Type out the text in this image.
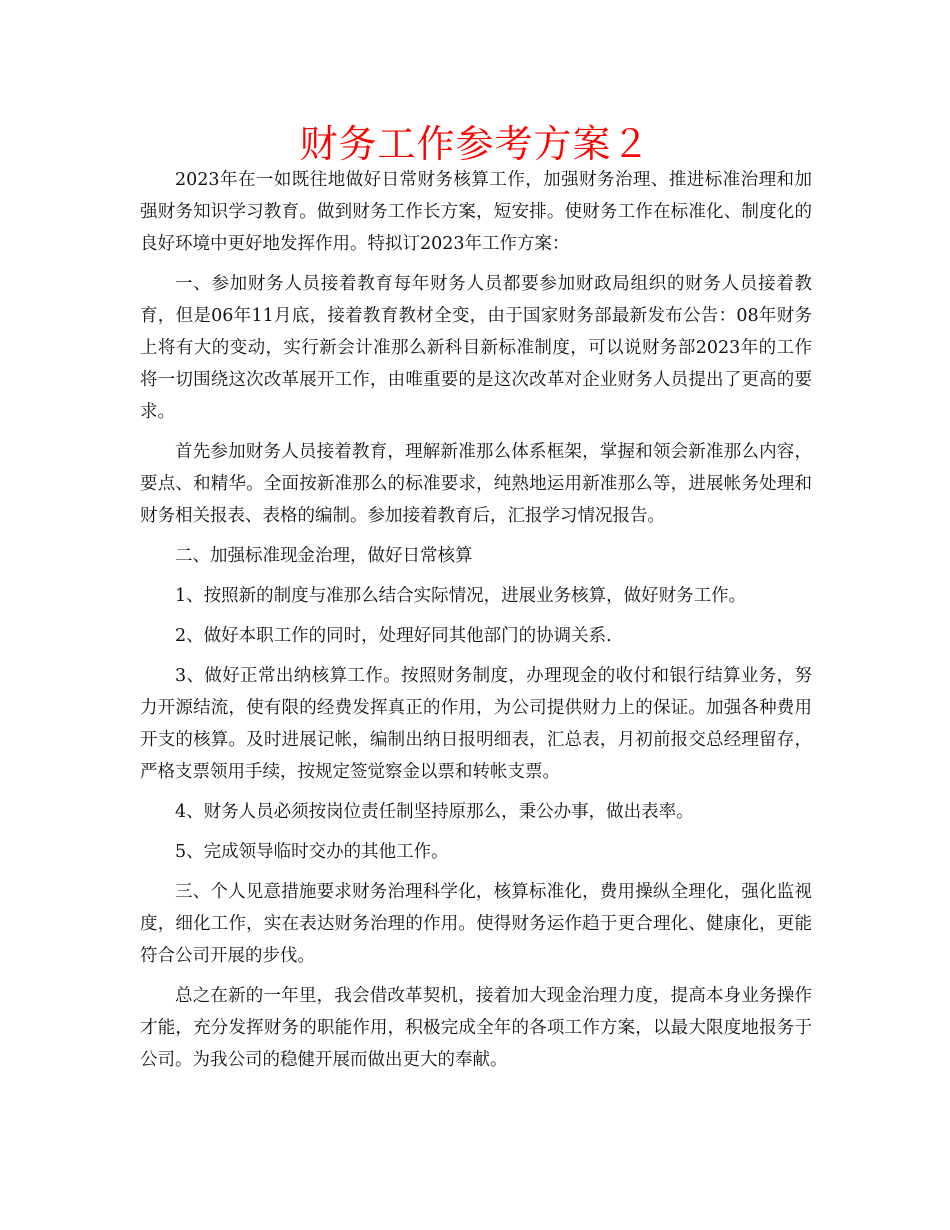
财务工作参考方案２

2023年在一如既往地做好日常财务核算工作，加强财务治理、推进标准治理和加强财务知识学习教育。做到财务工作长方案，短安排。使财务工作在标准化、制度化的良好环境中更好地发挥作用。特拟订2023年工作方案：

一、参加财务人员接着教育每年财务人员都要参加财政局组织的财务人员接着教育，但是06年11月底，接着教育教材全变，由于国家财务部最新发布公告：08年财务上将有大的变动，实行新会计准那么新科目新标准制度，可以说财务部2023年的工作将一切围绕这次改革展开工作，由唯重要的是这次改革对企业财务人员提出了更高的要求。

首先参加财务人员接着教育，理解新准那么体系框架，掌握和领会新准那么内容，要点、和精华。全面按新准那么的标准要求，纯熟地运用新准那么等，进展帐务处理和财务相关报表、表格的编制。参加接着教育后，汇报学习情况报告。

二、加强标准现金治理，做好日常核算

1、按照新的制度与准那么结合实际情况，进展业务核算，做好财务工作。

2、做好本职工作的同时，处理好同其他部门的协调关系.

3、做好正常出纳核算工作。按照财务制度，办理现金的收付和银行结算业务，努力开源结流，使有限的经费发挥真正的作用，为公司提供财力上的保证。加强各种费用开支的核算。及时进展记帐，编制出纳日报明细表，汇总表，月初前报交总经理留存，严格支票领用手续，按规定签觉察金以票和转帐支票。

4、财务人员必须按岗位责任制坚持原那么，秉公办事，做出表率。

5、完成领导临时交办的其他工作。

三、个人见意措施要求财务治理科学化，核算标准化，费用操纵全理化，强化监视度，细化工作，实在表达财务治理的作用。使得财务运作趋于更合理化、健康化，更能符合公司开展的步伐。

总之在新的一年里，我会借改革契机，接着加大现金治理力度，提高本身业务操作才能，充分发挥财务的职能作用，积极完成全年的各项工作方案，以最大限度地报务于公司。为我公司的稳健开展而做出更大的奉献。
